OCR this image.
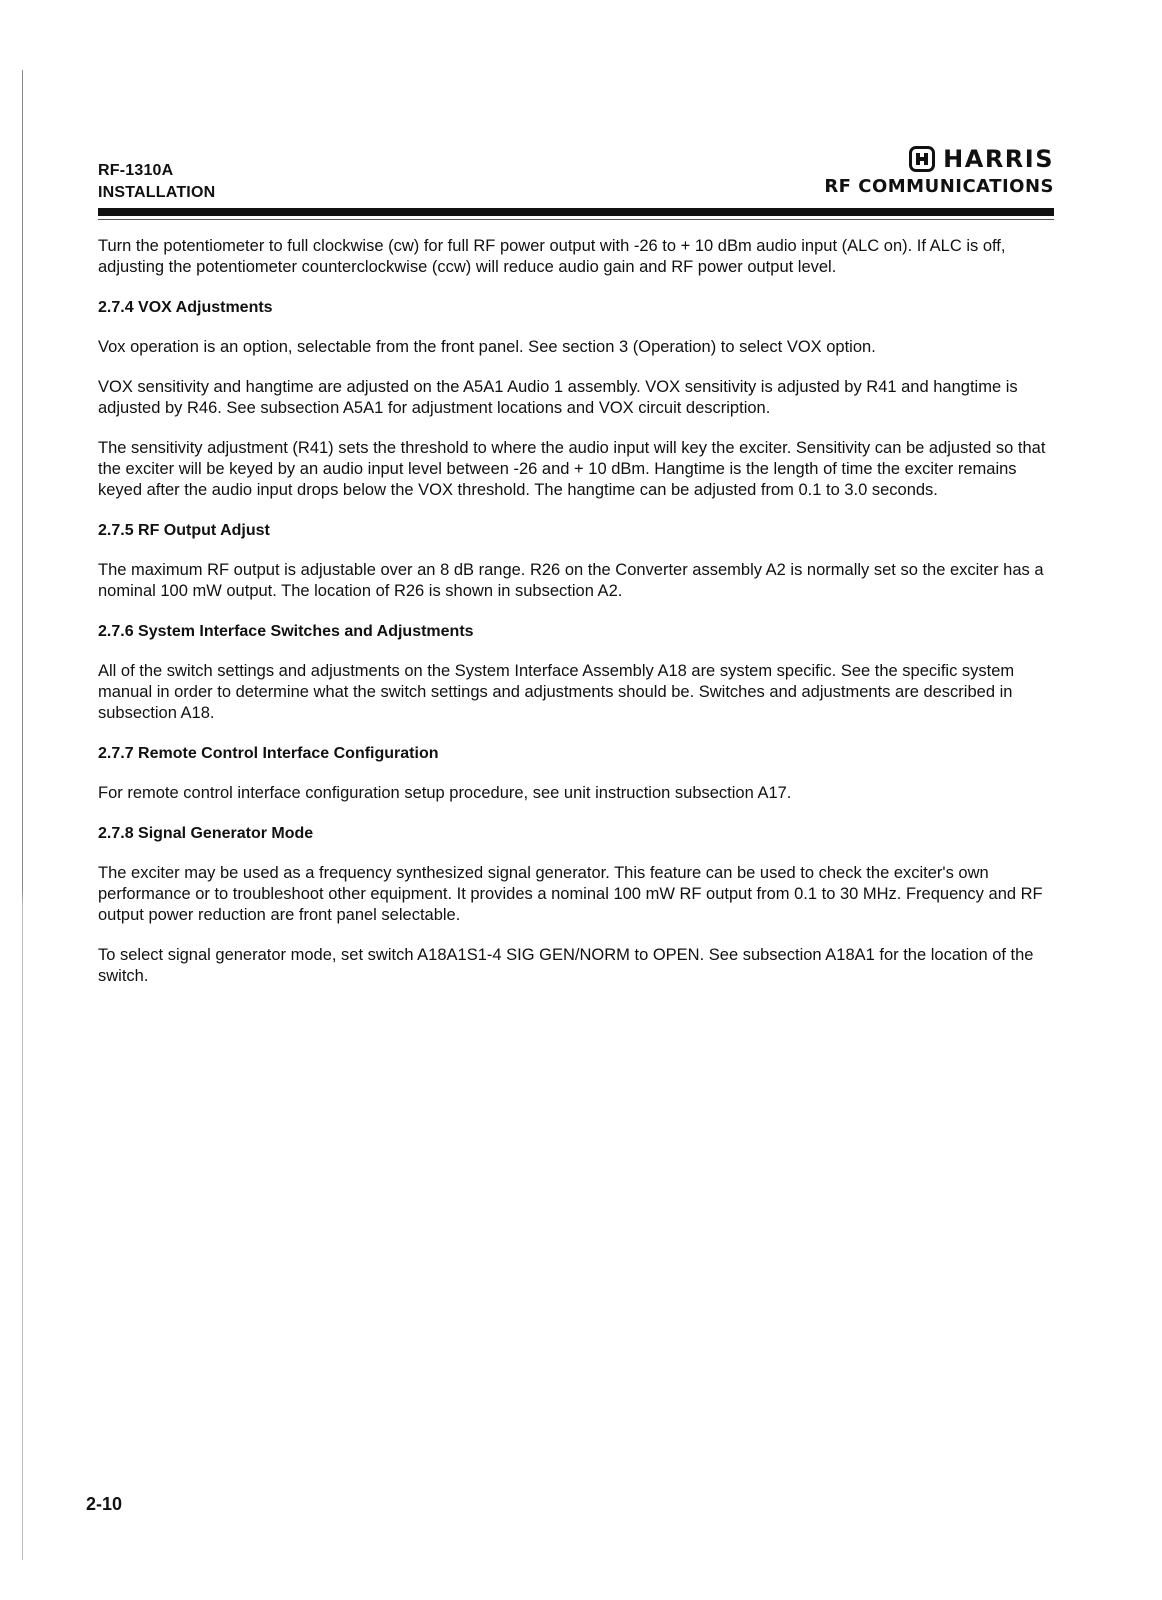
RF-1310A
INSTALLATION
HARRIS
RF COMMUNICATIONS

Turn the potentiometer to full clockwise (cw) for full RF power output with -26 to + 10 dBm audio input (ALC on). If ALC is off, adjusting the potentiometer counterclockwise (ccw) will reduce audio gain and RF power output level.

2.7.4 VOX Adjustments

Vox operation is an option, selectable from the front panel. See section 3 (Operation) to select VOX option.

VOX sensitivity and hangtime are adjusted on the A5A1 Audio 1 assembly. VOX sensitivity is adjusted by R41 and hangtime is adjusted by R46. See subsection A5A1 for adjustment locations and VOX circuit description.

The sensitivity adjustment (R41) sets the threshold to where the audio input will key the exciter. Sensitivity can be adjusted so that the exciter will be keyed by an audio input level between -26 and + 10 dBm. Hangtime is the length of time the exciter remains keyed after the audio input drops below the VOX threshold. The hangtime can be adjusted from 0.1 to 3.0 seconds.

2.7.5 RF Output Adjust

The maximum RF output is adjustable over an 8 dB range. R26 on the Converter assembly A2 is normally set so the exciter has a nominal 100 mW output. The location of R26 is shown in subsection A2.

2.7.6 System Interface Switches and Adjustments

All of the switch settings and adjustments on the System Interface Assembly A18 are system specific. See the specific system manual in order to determine what the switch settings and adjustments should be. Switches and adjustments are described in subsection A18.

2.7.7 Remote Control Interface Configuration

For remote control interface configuration setup procedure, see unit instruction subsection A17.

2.7.8 Signal Generator Mode

The exciter may be used as a frequency synthesized signal generator. This feature can be used to check the exciter's own performance or to troubleshoot other equipment. It provides a nominal 100 mW RF output from 0.1 to 30 MHz. Frequency and RF output power reduction are front panel selectable.

To select signal generator mode, set switch A18A1S1-4 SIG GEN/NORM to OPEN. See subsection A18A1 for the location of the switch.

2-10
